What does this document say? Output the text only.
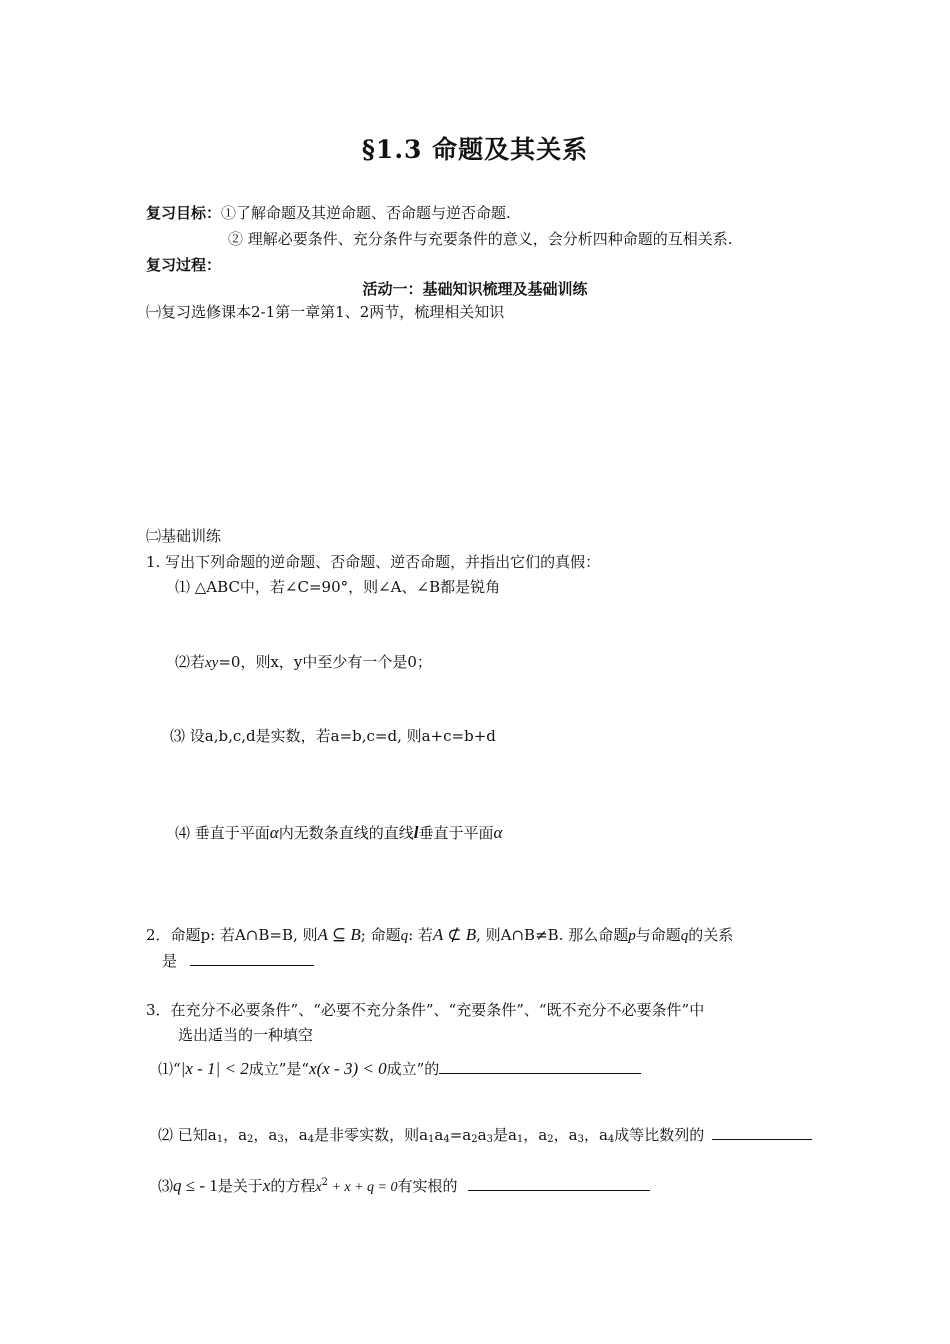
§1.3 命题及其关系
复习目标：①了解命题及其逆命题、否命题与逆否命题.
② 理解必要条件、充分条件与充要条件的意义，会分析四种命题的互相关系.
复习过程：
活动一：基础知识梳理及基础训练
㈠复习选修课本2-1第一章第1、2两节，梳理相关知识
㈡基础训练
1. 写出下列命题的逆命题、否命题、逆否命题，并指出它们的真假：
⑴ △ABC中，若∠C=90°，则∠A、∠B都是锐角
⑵若xy=0，则x，y中至少有一个是0；
⑶ 设a,b,c,d是实数，若a=b,c=d, 则a+c=b+d
⑷ 垂直于平面α内无数条直线的直线l垂直于平面α
2．命题p: 若A∩B=B, 则A ⊆ B; 命题q: 若A ⊄ B, 则A∩B≠B. 那么命题p与命题q的关系
是
3．在充分不必要条件”、“必要不充分条件”、“充要条件”、“既不充分不必要条件”中
选出适当的一种填空
⑴“|x - 1| < 2成立”是“x(x - 3) < 0成立”的
⑵ 已知$a_1$，$a_2$，$a_3$，$a_4$是非零实数，则$a_1a_4=a_2a_3$是$a_1$，$a_2$，$a_3$，$a_4$成等比数列的
⑶q ≤ - 1是关于x的方程$x^2 + x + q = 0$有实根的
